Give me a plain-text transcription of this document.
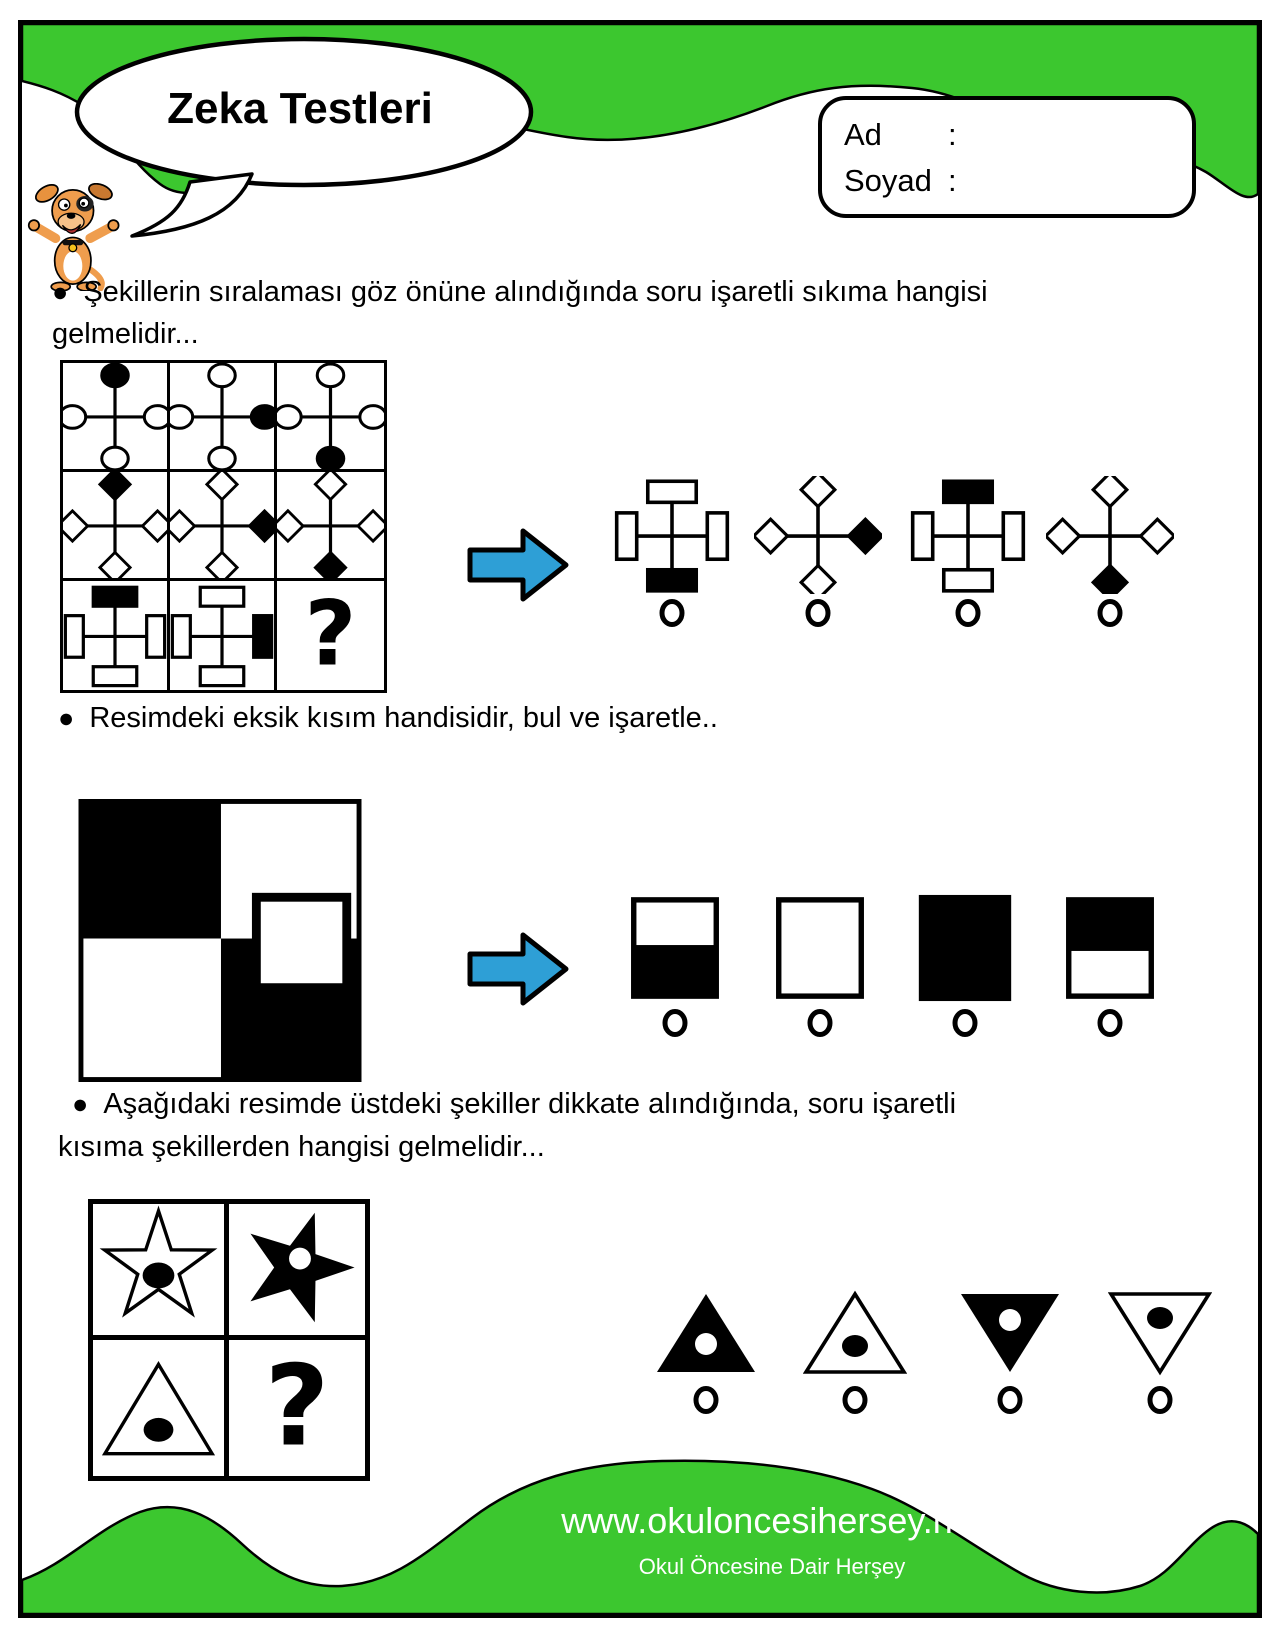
Zeka Testleri
Ad	:
Soyad :
● Şekillerin sıralaması göz önüne alındığında soru işaretli sıkıma hangisi
gelmelidir...
?
● Resimdeki eksik kısım handisidir, bul ve işaretle..
● Aşağıdaki resimde üstdeki şekiller dikkate alındığında, soru işaretli
kısıma şekillerden hangisi gelmelidir...
?
www.okuloncesihersey.net
Okul Öncesine Dair Herşey
